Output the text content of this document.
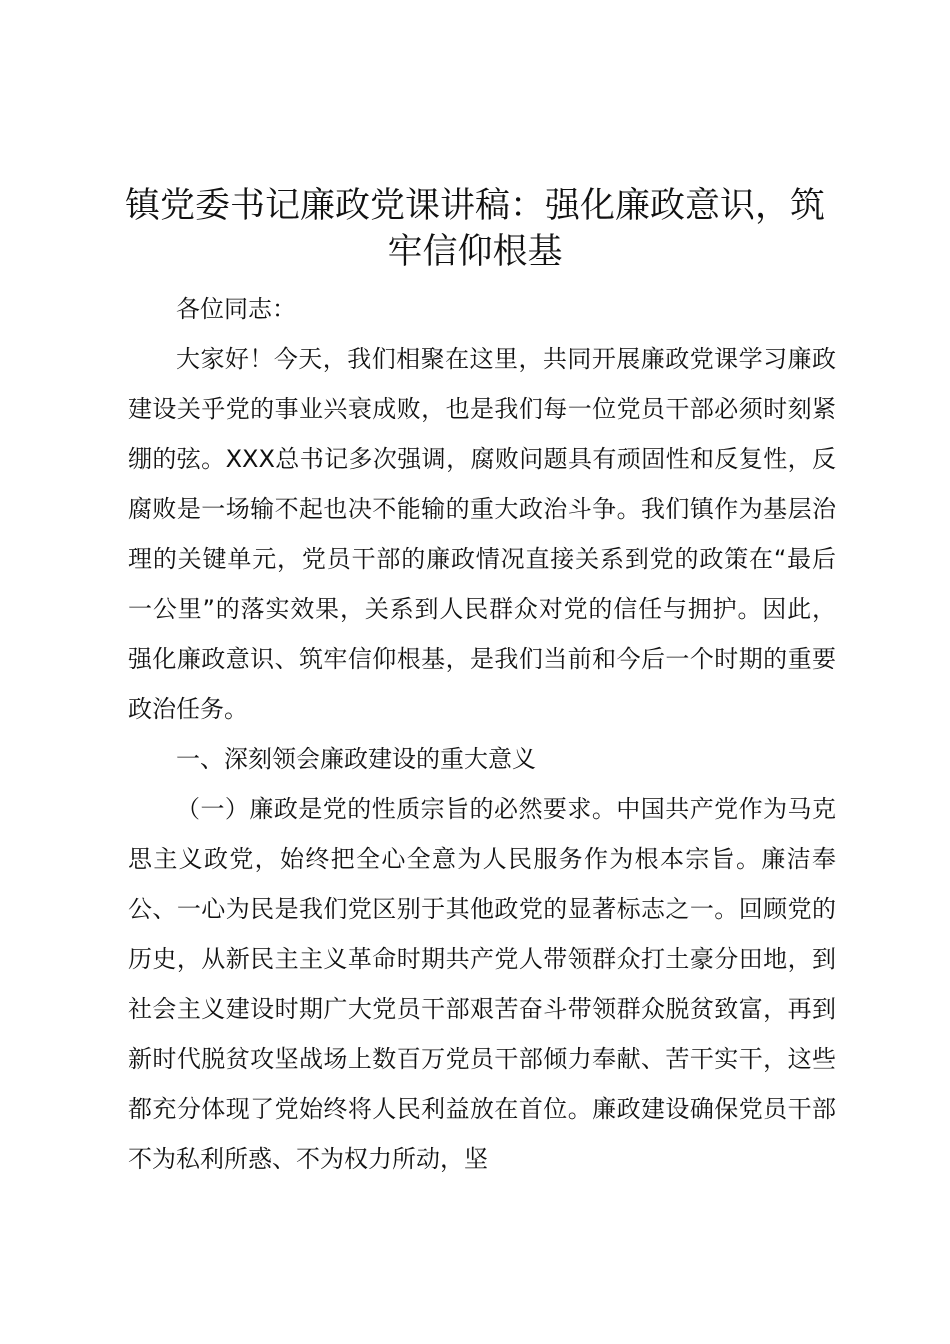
镇党委书记廉政党课讲稿：强化廉政意识，筑牢信仰根基

各位同志：

大家好！今天，我们相聚在这里，共同开展廉政党课学习廉政建设关乎党的事业兴衰成败，也是我们每一位党员干部必须时刻紧绷的弦。XXX总书记多次强调，腐败问题具有顽固性和反复性，反腐败是一场输不起也决不能输的重大政治斗争。我们镇作为基层治理的关键单元，党员干部的廉政情况直接关系到党的政策在“最后一公里”的落实效果，关系到人民群众对党的信任与拥护。因此，强化廉政意识、筑牢信仰根基，是我们当前和今后一个时期的重要政治任务。

一、深刻领会廉政建设的重大意义

（一）廉政是党的性质宗旨的必然要求。中国共产党作为马克思主义政党，始终把全心全意为人民服务作为根本宗旨。廉洁奉公、一心为民是我们党区别于其他政党的显著标志之一。回顾党的历史，从新民主主义革命时期共产党人带领群众打土豪分田地，到社会主义建设时期广大党员干部艰苦奋斗带领群众脱贫致富，再到新时代脱贫攻坚战场上数百万党员干部倾力奉献、苦干实干，这些都充分体现了党始终将人民利益放在首位。廉政建设确保党员干部不为私利所惑、不为权力所动，坚
